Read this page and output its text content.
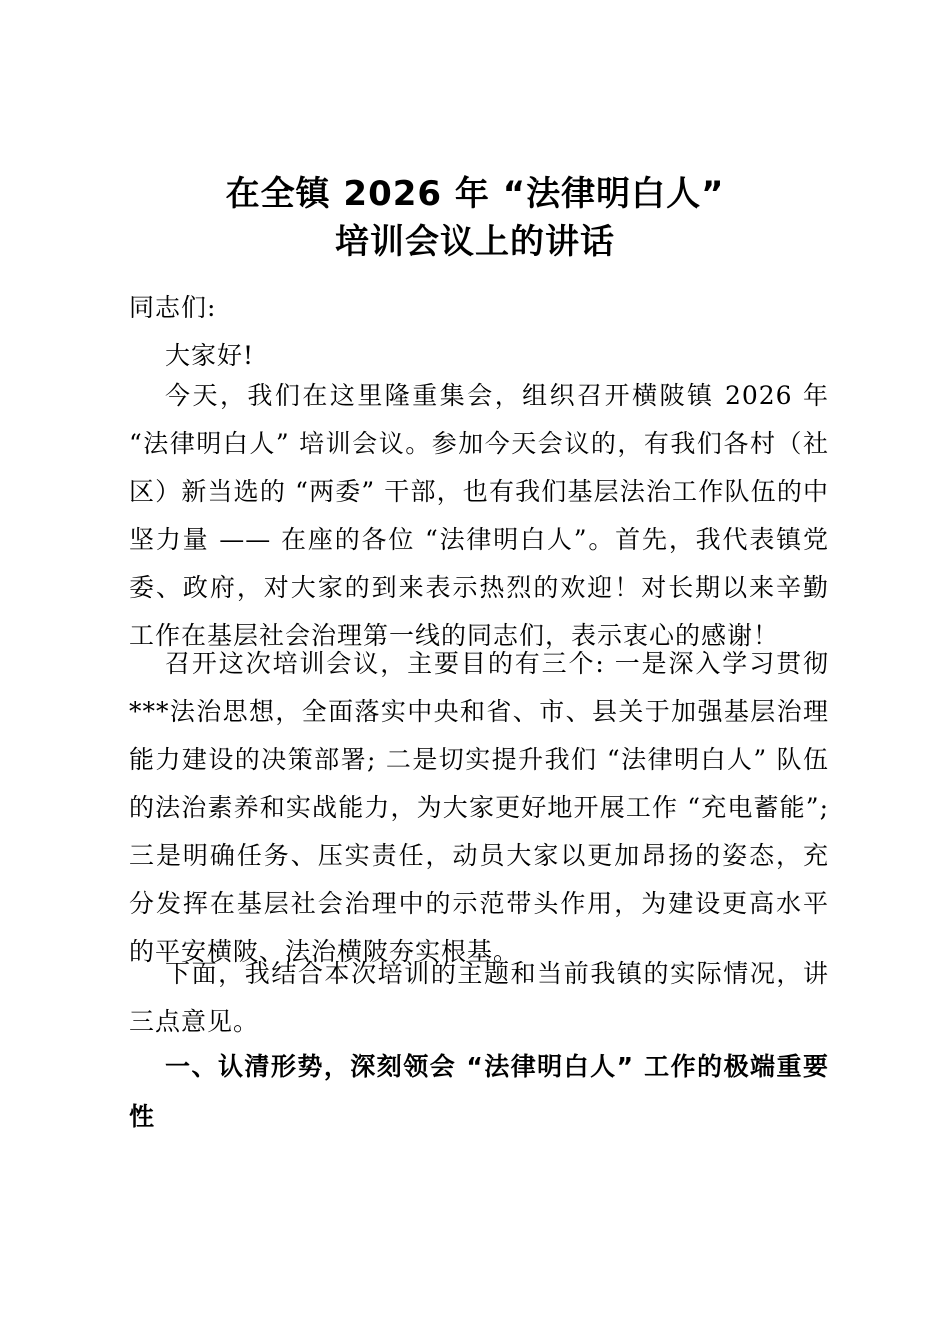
在全镇 2026 年 “法律明白人”
培训会议上的讲话
同志们:
大家好!

今天，我们在这里隆重集会，组织召开横陂镇 2026 年 “法律明白人” 培训会议。参加今天会议的，有我们各村（社区）新当选的 “两委” 干部，也有我们基层法治工作队伍的中坚力量 —— 在座的各位 “法律明白人”。首先，我代表镇党委、政府，对大家的到来表示热烈的欢迎！对长期以来辛勤工作在基层社会治理第一线的同志们，表示衷心的感谢！

召开这次培训会议，主要目的有三个: 一是深入学习贯彻***法治思想，全面落实中央和省、市、县关于加强基层治理能力建设的决策部署; 二是切实提升我们 “法律明白人” 队伍的法治素养和实战能力，为大家更好地开展工作 “充电蓄能”; 三是明确任务、压实责任，动员大家以更加昂扬的姿态，充分发挥在基层社会治理中的示范带头作用，为建设更高水平的平安横陂、法治横陂夯实根基。

下面，我结合本次培训的主题和当前我镇的实际情况，讲三点意见。

一、认清形势，深刻领会 “法律明白人” 工作的极端重要性
